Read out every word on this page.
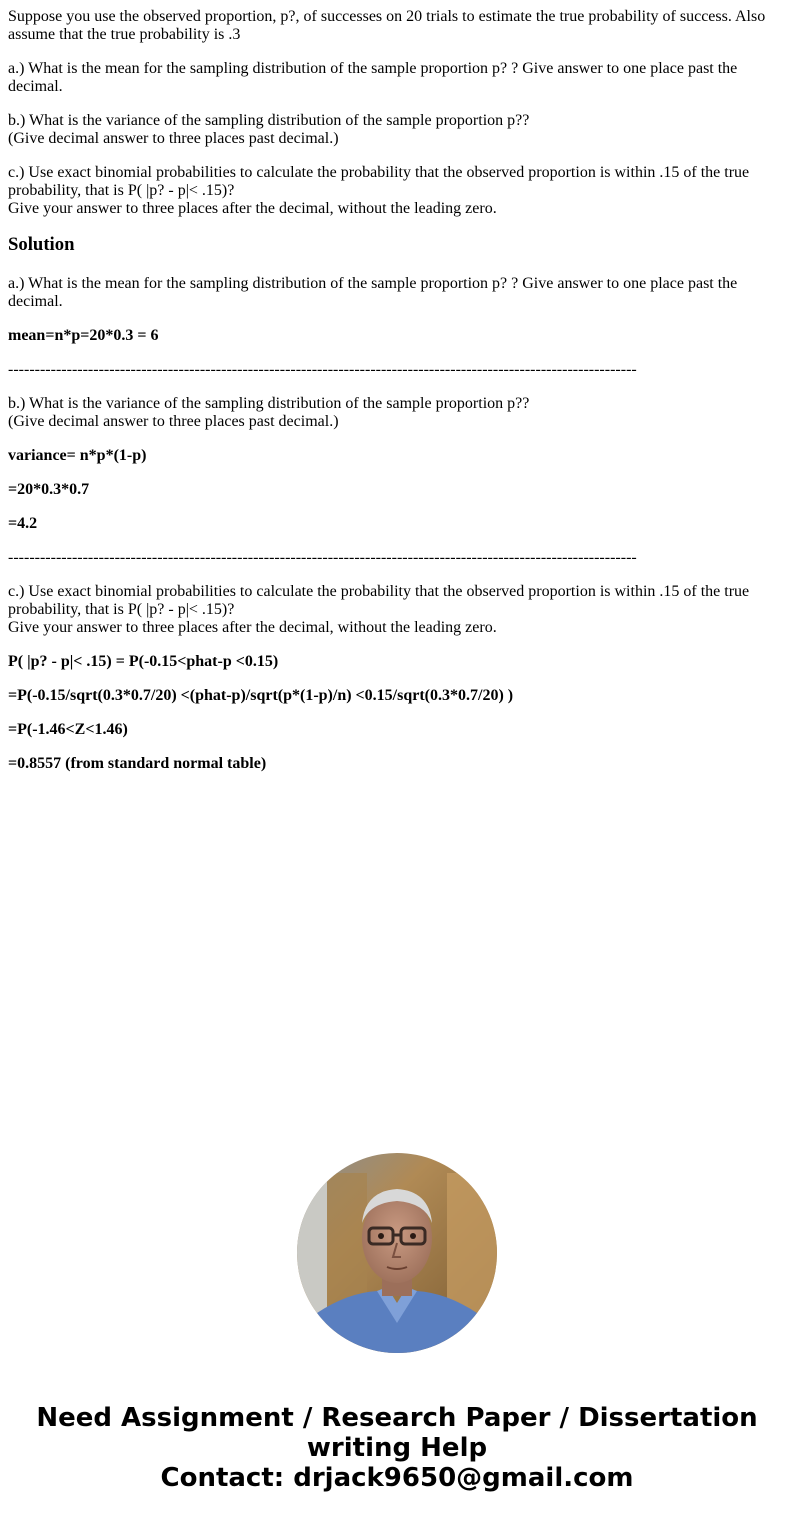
Suppose you use the observed proportion, p?, of successes on 20 trials to estimate the true probability of success. Also assume that the true probability is .3

a.) What is the mean for the sampling distribution of the sample proportion p? ? Give answer to one place past the decimal.

b.) What is the variance of the sampling distribution of the sample proportion p??
(Give decimal answer to three places past decimal.)

c.) Use exact binomial probabilities to calculate the probability that the observed proportion is within .15 of the true probability, that is P( |p? - p|< .15)?
Give your answer to three places after the decimal, without the leading zero.

Solution

a.) What is the mean for the sampling distribution of the sample proportion p? ? Give answer to one place past the decimal.

mean=n*p=20*0.3 = 6

----------------------------------------------------------------------------------------------------------------------

b.) What is the variance of the sampling distribution of the sample proportion p??
(Give decimal answer to three places past decimal.)

variance= n*p*(1-p)

=20*0.3*0.7

=4.2

----------------------------------------------------------------------------------------------------------------------

c.) Use exact binomial probabilities to calculate the probability that the observed proportion is within .15 of the true probability, that is P( |p? - p|< .15)?
Give your answer to three places after the decimal, without the leading zero.

P( |p? - p|< .15) = P(-0.15<phat-p <0.15)

=P(-0.15/sqrt(0.3*0.7/20) <(phat-p)/sqrt(p*(1-p)/n) <0.15/sqrt(0.3*0.7/20) )

=P(-1.46<Z<1.46)

=0.8557 (from standard normal table)

Need Assignment / Research Paper / Dissertation
writing Help
Contact: drjack9650@gmail.com
